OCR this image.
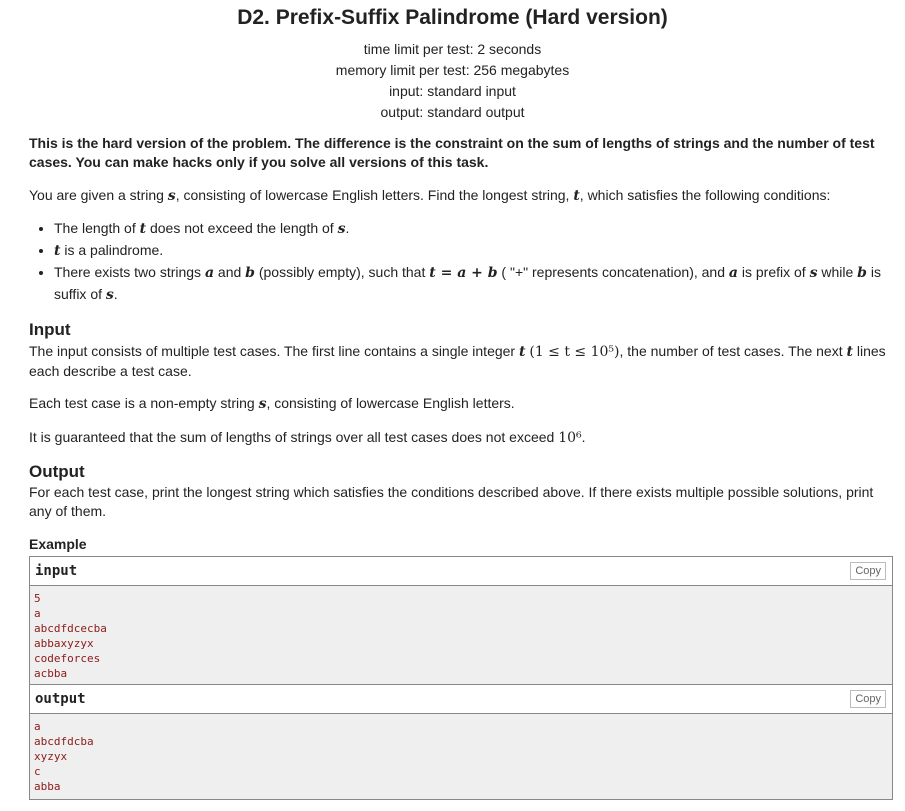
D2. Prefix-Suffix Palindrome (Hard version)
time limit per test: 2 seconds
memory limit per test: 256 megabytes
input: standard input
output: standard output
This is the hard version of the problem. The difference is the constraint on the sum of lengths of strings and the number of test cases. You can make hacks only if you solve all versions of this task.
You are given a string s, consisting of lowercase English letters. Find the longest string, t, which satisfies the following conditions:
• The length of t does not exceed the length of s.
• t is a palindrome.
• There exists two strings a and b (possibly empty), such that t = a + b ( "+" represents concatenation), and a is prefix of s while b is suffix of s.
Input
The input consists of multiple test cases. The first line contains a single integer t (1 ≤ t ≤ 10⁵), the number of test cases. The next t lines each describe a test case.
Each test case is a non-empty string s, consisting of lowercase English letters.
It is guaranteed that the sum of lengths of strings over all test cases does not exceed 10⁶.
Output
For each test case, print the longest string which satisfies the conditions described above. If there exists multiple possible solutions, print any of them.
Example
input	Copy
5
a
abcdfdcecba
abbaxyzyx
codeforces
acbba
output	Copy
a
abcdfdcba
xyzyx
c
abba
